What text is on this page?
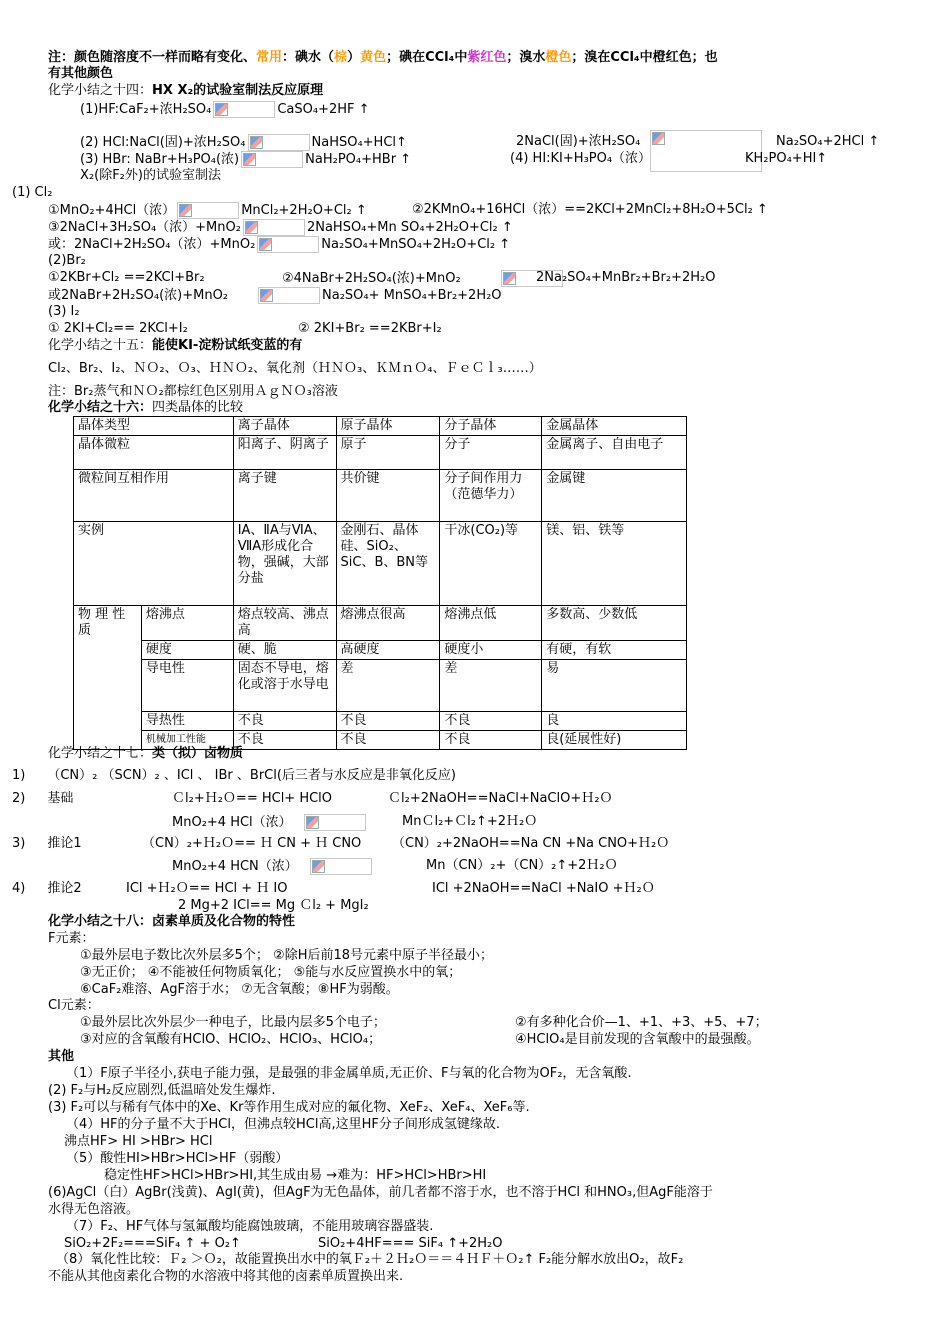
注：颜色随溶度不一样而略有变化、常用：碘水（棕）黄色；碘在CCl₄中紫红色；溴水橙色；溴在CCl₄中橙红色；也
有其他颜色
化学小结之十四：HX X₂的试验室制法反应原理
(1)HF:CaF₂+浓H₂SO₄	CaSO₄+2HF ↑
(2) HCl:NaCl(固)+浓H₂SO₄	NaHSO₄+HCl↑	2NaCl(固)+浓H₂SO₄	Na₂SO₄+2HCl ↑
(3) HBr: NaBr+H₃PO₄(浓)	NaH₂PO₄+HBr ↑	(4) HI:KI+H₃PO₄（浓）	KH₂PO₄+HI↑
X₂(除F₂外)的试验室制法
(1) Cl₂
①MnO₂+4HCl（浓）	MnCl₂+2H₂O+Cl₂ ↑	②2KMnO₄+16HCl（浓）==2KCl+2MnCl₂+8H₂O+5Cl₂ ↑
③2NaCl+3H₂SO₄（浓）+MnO₂	2NaHSO₄+Mn SO₄+2H₂O+Cl₂ ↑
或：2NaCl+2H₂SO₄（浓）+MnO₂	Na₂SO₄+MnSO₄+2H₂O+Cl₂ ↑
(2)Br₂
①2KBr+Cl₂ ==2KCl+Br₂	②4NaBr+2H₂SO₄(浓)+MnO₂	2Na₂SO₄+MnBr₂+Br₂+2H₂O
或2NaBr+2H₂SO₄(浓)+MnO₂	Na₂SO₄+ MnSO₄+Br₂+2H₂O
(3) I₂
① 2KI+Cl₂== 2KCl+I₂	② 2KI+Br₂ ==2KBr+I₂
化学小结之十五：能使KI-淀粉试纸变蓝的有
Cl₂、Br₂、I₂、ＮＯ₂、Ｏ₃、ＨＮＯ₂、氧化剂（ＨＮＯ₃、ＫＭｎＯ₄、ＦｅＣｌ₃……）
注：Br₂蒸气和ＮＯ₂都棕红色区别用ＡｇＮＯ₃溶液
化学小结之十六：四类晶体的比较
晶体类型		离子晶体	原子晶体	分子晶体	金属晶体
晶体微粒		阳离子、阴离子	原子	分子	金属离子、自由电子
微粒间互相作用		离子键	共价键	分子间作用力（范德华力）	金属键
实例		ⅠA、ⅡA与ⅥA、ⅦA形成化合物，强碱，大部分盐	金刚石、晶体硅、SiO₂、SiC、B、BN等	干冰(CO₂)等	镁、铝、铁等
物 理 性 质	熔沸点	熔点较高、沸点高	熔沸点很高	熔沸点低	多数高、少数低
	硬度	硬、脆	高硬度	硬度小	有硬，有软
	导电性	固态不导电，熔化或溶于水导电	差	差	易
	导热性	不良	不良	不良	良
	机械加工性能	不良	不良	不良	良(延展性好)
化学小结之十七：类（拟）卤物质
1) （CN）₂ （SCN）₂ 、ICl 、 IBr 、BrCl(后三者与水反应是非氧化反应)
2) 基础	Ｃl₂+Ｈ₂Ｏ== HCl+ HClO	Ｃl₂+2NaOH==NaCl+NaClO+Ｈ₂Ｏ
MnO₂+4 HCl（浓）	MnＣl₂+Ｃl₂↑+2Ｈ₂Ｏ
3) 推论1	（CN）₂+Ｈ₂Ｏ== Ｈ CN + Ｈ CNO （CN）₂+2NaOH==Na CN +Na CNO+Ｈ₂Ｏ
MnO₂+4 HCN（浓）	Mn（CN）₂+（CN）₂↑+2Ｈ₂Ｏ
4) 推论2	ICl +Ｈ₂Ｏ== HCl + Ｈ IO	ICl +2NaOH==NaCl +NaIO +Ｈ₂Ｏ
2 Mg+2 ICl== Mg Ｃl₂ + MgI₂
化学小结之十八：卤素单质及化合物的特性
F元素：
①最外层电子数比次外层多5个； ②除H后前18号元素中原子半径最小；
③无正价； ④不能被任何物质氧化； ⑤能与水反应置换水中的氧；
⑥CaF₂难溶、AgF溶于水； ⑦无含氧酸；⑧HF为弱酸。
Cl元素：
①最外层比次外层少一种电子，比最内层多5个电子；	②有多种化合价—1、+1、+3、+5、+7；
③对应的含氧酸有HClO、HClO₂、HClO₃、HClO₄；	④HClO₄是目前发现的含氧酸中的最强酸。
其他
（1）F原子半径小,获电子能力强，是最强的非金属单质,无正价、F与氧的化合物为OF₂，无含氧酸.
(2) F₂与H₂反应剧烈,低温暗处发生爆炸.
(3) F₂可以与稀有气体中的Xe、Kr等作用生成对应的氟化物、XeF₂、XeF₄、XeF₆等.
（4）HF的分子量不大于HCl，但沸点较HCl高,这里HF分子间形成氢键缘故.
沸点HF> HI >HBr> HCl
（5）酸性HI>HBr>HCl>HF（弱酸）
稳定性HF>HCl>HBr>HI,其生成由易 →难为：HF>HCl>HBr>HI
(6)AgCl（白）AgBr(浅黄)、AgI(黄)，但AgF为无色晶体，前几者都不溶于水，也不溶于HCl 和HNO₃,但AgF能溶于
水得无色溶液。
（7）F₂、HF气体与氢氟酸均能腐蚀玻璃，不能用玻璃容器盛装.
SiO₂+2F₂===SiF₄ ↑ + O₂↑	SiO₂+4HF=== SiF₄ ↑+2H₂O
（8）氧化性比较：Ｆ₂ ＞Ｏ₂，故能置换出水中的氧Ｆ₂＋２Ｈ₂Ｏ＝＝４ＨＦ＋Ｏ₂↑ F₂能分解水放出O₂，故F₂
不能从其他卤素化合物的水溶液中将其他的卤素单质置换出来.
